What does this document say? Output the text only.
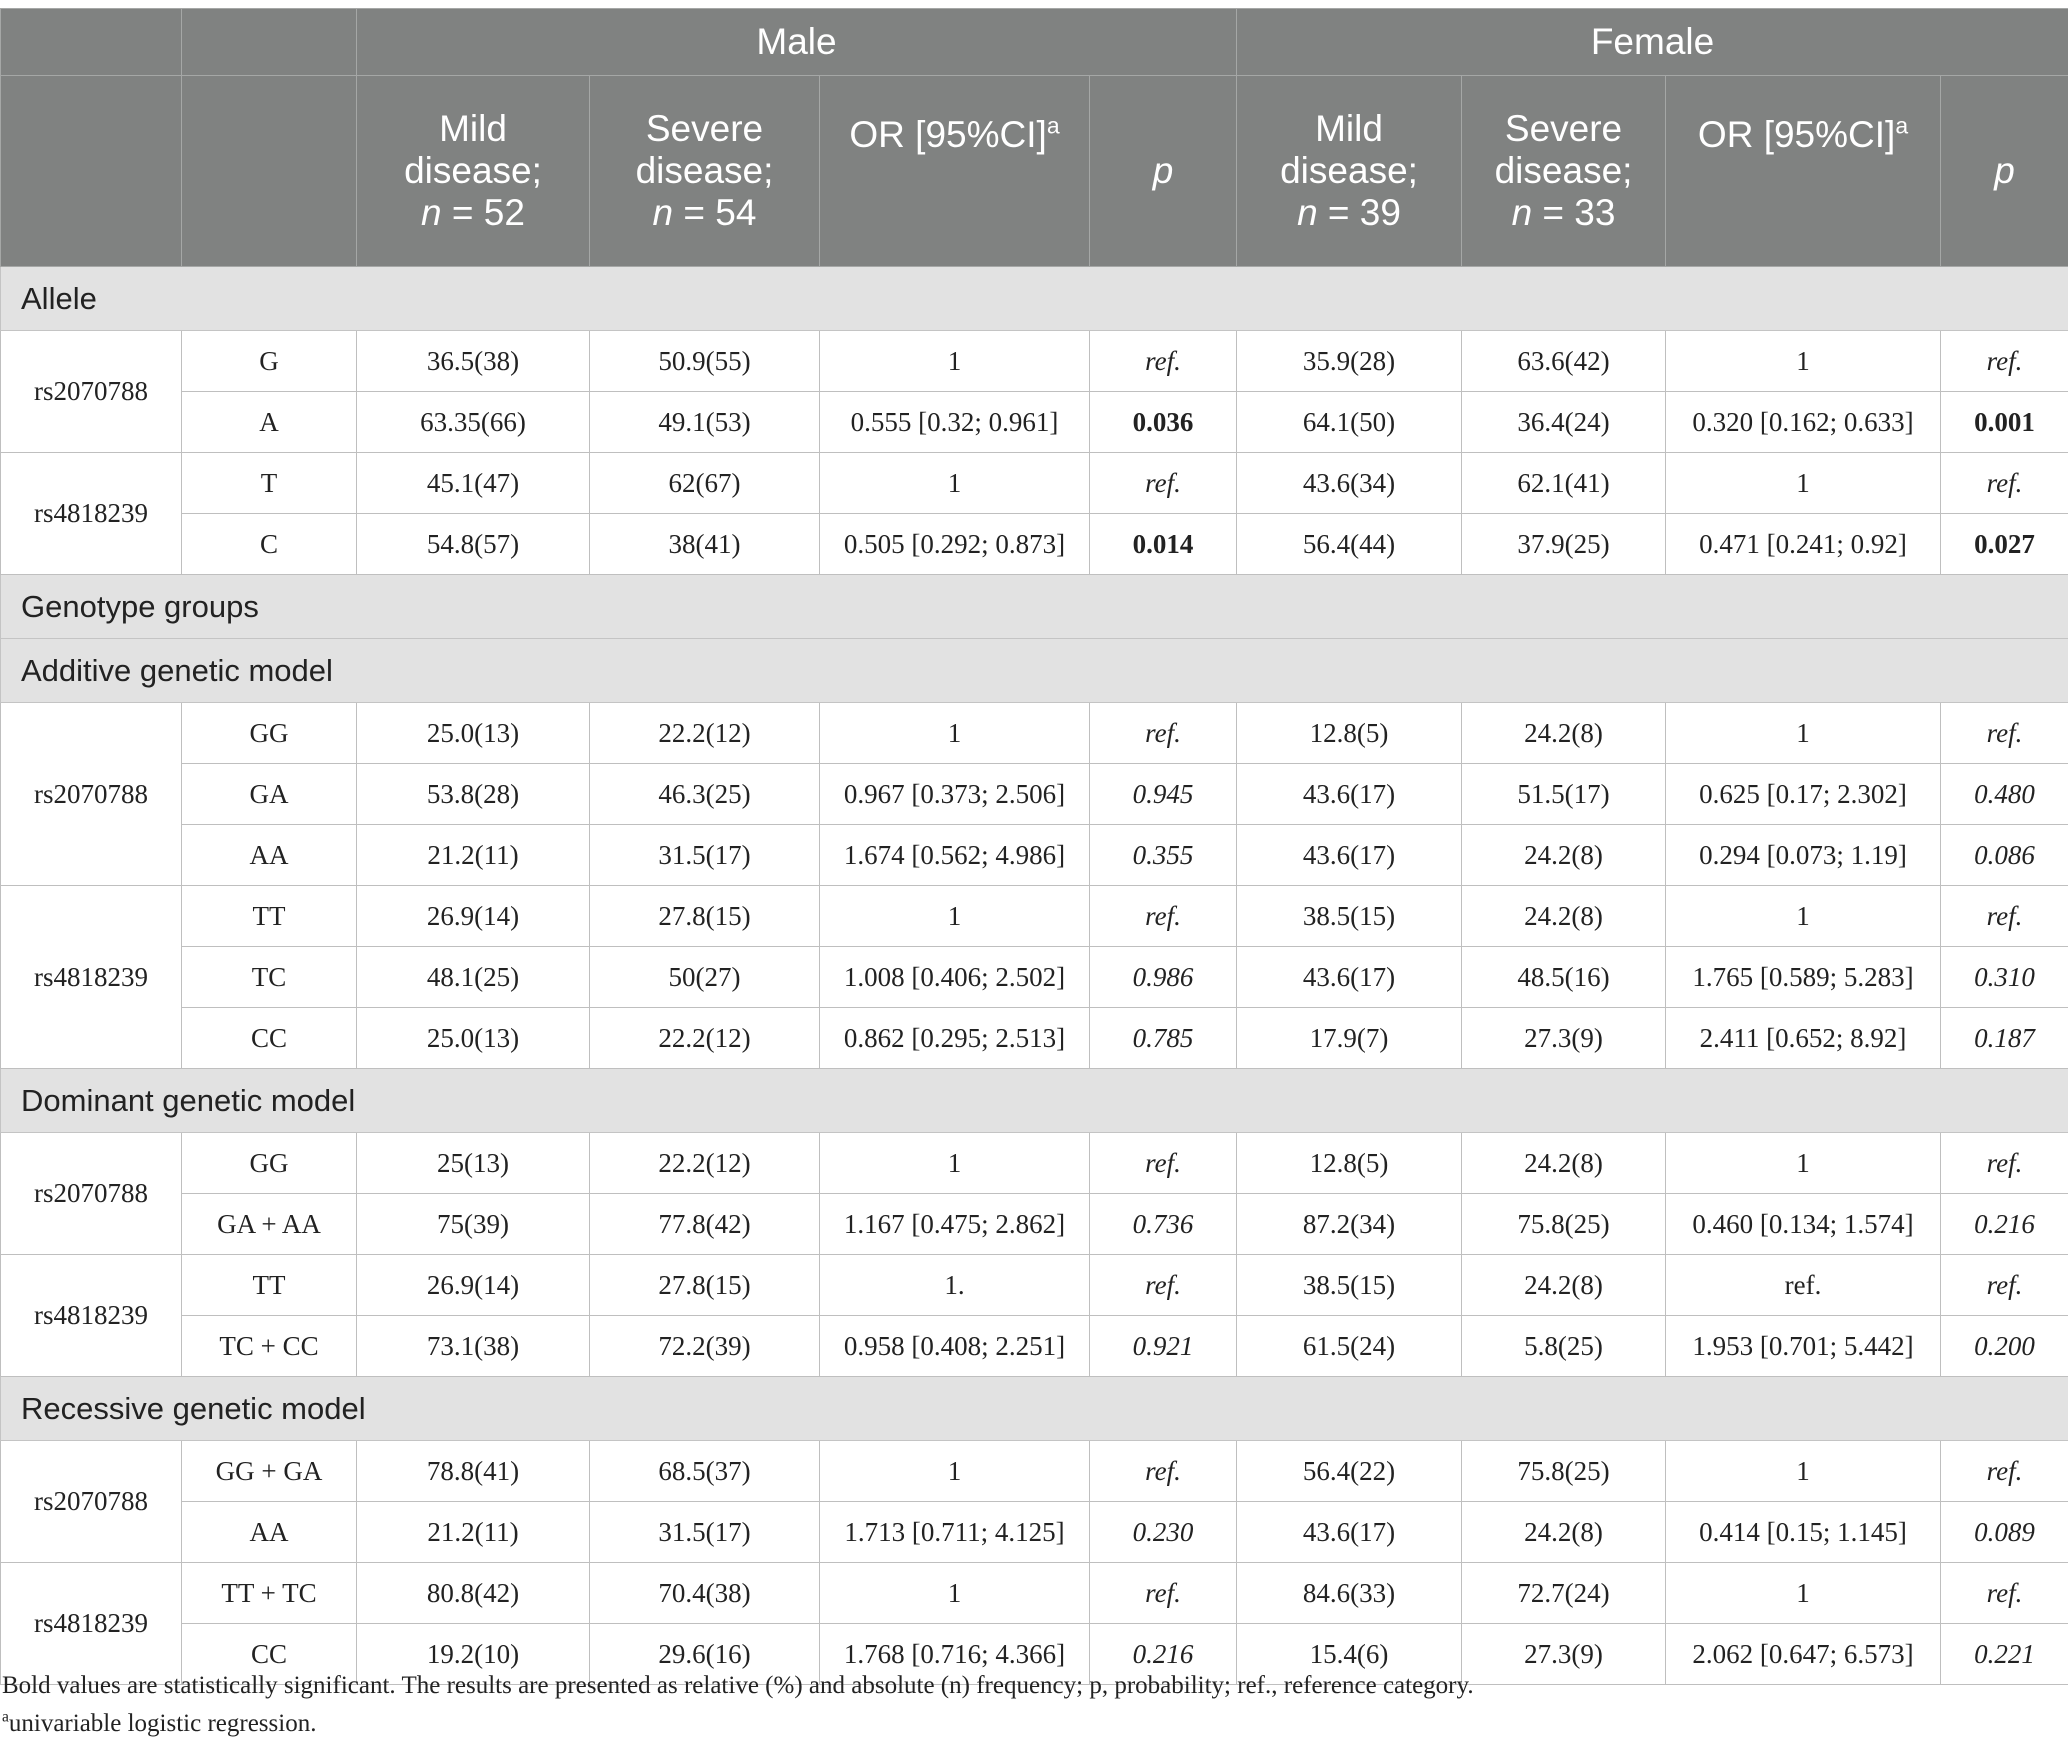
		Male				Female			
		Mild
disease;
n = 52	Severe
disease;
n = 54	OR $[95\%CI]^a$	p	Mild
disease;
n = 39	Severe
disease;
n = 33	OR $[95\%CI]^a$	p
Allele									
rs2070788	G	36.5(38)	50.9(55)	1	ref.	35.9(28)	63.6(42)	1	ref.
	A	63.35(66)	49.1(53)	0.555 [0.32; 0.961]	0.036	64.1(50)	36.4(24)	0.320 [0.162; 0.633]	0.001
rs4818239	T	45.1(47)	62(67)	1	ref.	43.6(34)	62.1(41)	1	ref.
	C	54.8(57)	38(41)	0.505 [0.292; 0.873]	0.014	56.4(44)	37.9(25)	0.471 [0.241; 0.92]	0.027
Genotype groups									
Additive genetic model									
rs2070788	GG	25.0(13)	22.2(12)	1	ref.	12.8(5)	24.2(8)	1	ref.
	GA	53.8(28)	46.3(25)	0.967 [0.373; 2.506]	0.945	43.6(17)	51.5(17)	0.625 [0.17; 2.302]	0.480
	AA	21.2(11)	31.5(17)	1.674 [0.562; 4.986]	0.355	43.6(17)	24.2(8)	0.294 [0.073; 1.19]	0.086
rs4818239	TT	26.9(14)	27.8(15)	1	ref.	38.5(15)	24.2(8)	1	ref.
	TC	48.1(25)	50(27)	1.008 [0.406; 2.502]	0.986	43.6(17)	48.5(16)	1.765 [0.589; 5.283]	0.310
	CC	25.0(13)	22.2(12)	0.862 [0.295; 2.513]	0.785	17.9(7)	27.3(9)	2.411 [0.652; 8.92]	0.187
Dominant genetic model									
rs2070788	GG	25(13)	22.2(12)	1	ref.	12.8(5)	24.2(8)	1	ref.
	GA + AA	75(39)	77.8(42)	1.167 [0.475; 2.862]	0.736	87.2(34)	75.8(25)	0.460 [0.134; 1.574]	0.216
rs4818239	TT	26.9(14)	27.8(15)	1.	ref.	38.5(15)	24.2(8)	ref.	ref.
	TC + CC	73.1(38)	72.2(39)	0.958 [0.408; 2.251]	0.921	61.5(24)	5.8(25)	1.953 [0.701; 5.442]	0.200
Recessive genetic model									
rs2070788	GG + GA	78.8(41)	68.5(37)	1	ref.	56.4(22)	75.8(25)	1	ref.
	AA	21.2(11)	31.5(17)	1.713 [0.711; 4.125]	0.230	43.6(17)	24.2(8)	0.414 [0.15; 1.145]	0.089
rs4818239	TT + TC	80.8(42)	70.4(38)	1	ref.	84.6(33)	72.7(24)	1	ref.
	CC	19.2(10)	29.6(16)	1.768 [0.716; 4.366]	0.216	15.4(6)	27.3(9)	2.062 [0.647; 6.573]	0.221
Bold values are statistically significant. The results are presented as relative (%) and absolute (n) frequency; p, probability; ref., reference category.
$^a$univariable logistic regression.
